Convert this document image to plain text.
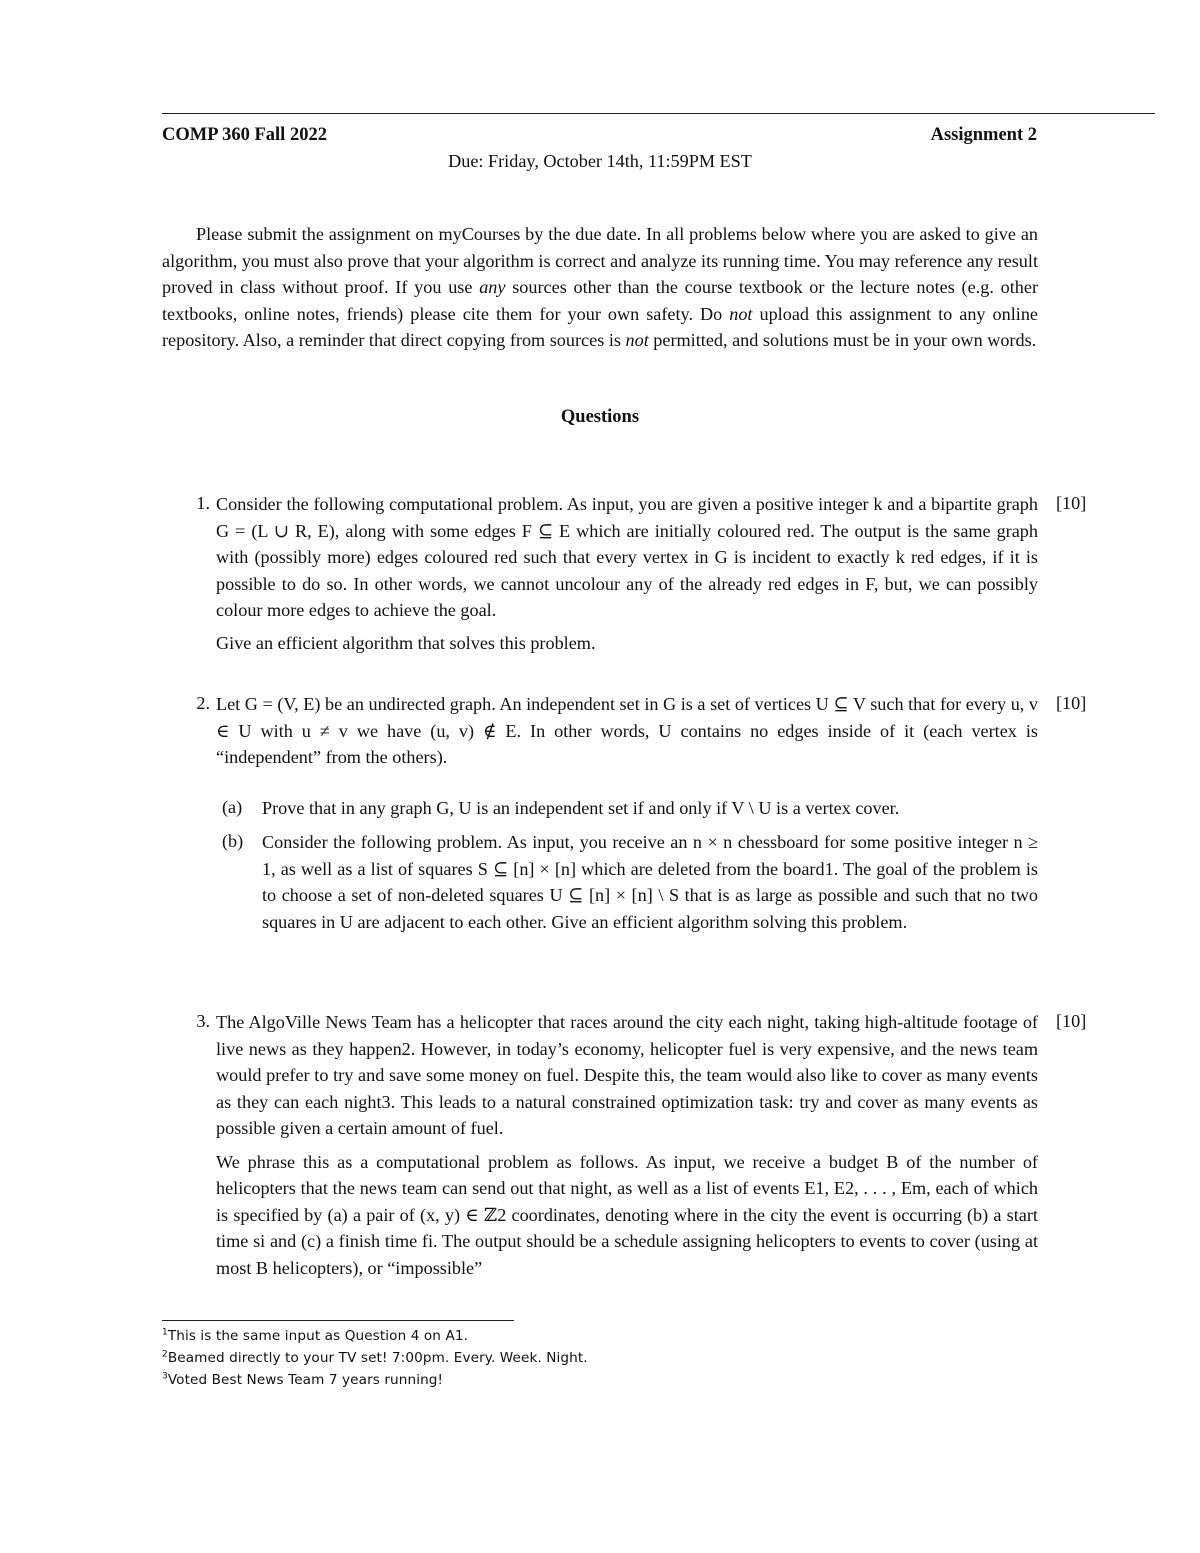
COMP 360 Fall 2022	Assignment 2
Due: Friday, October 14th, 11:59PM EST
Please submit the assignment on myCourses by the due date. In all problems below where you are asked to give an algorithm, you must also prove that your algorithm is correct and analyze its running time. You may reference any result proved in class without proof. If you use any sources other than the course textbook or the lecture notes (e.g. other textbooks, online notes, friends) please cite them for your own safety. Do not upload this assignment to any online repository. Also, a reminder that direct copying from sources is not permitted, and solutions must be in your own words.
Questions
1.	[10]
Consider the following computational problem. As input, you are given a positive integer k and a bipartite graph G = (L ∪ R, E), along with some edges F ⊆ E which are initially coloured red. The output is the same graph with (possibly more) edges coloured red such that every vertex in G is incident to exactly k red edges, if it is possible to do so. In other words, we cannot uncolour any of the already red edges in F, but, we can possibly colour more edges to achieve the goal.
Give an efficient algorithm that solves this problem.
2.	[10]
Let G = (V, E) be an undirected graph. An independent set in G is a set of vertices U ⊆ V such that for every u, v ∈ U with u ≠ v we have (u, v) ∉ E. In other words, U contains no edges inside of it (each vertex is “independent” from the others).
(a)	Prove that in any graph G, U is an independent set if and only if V \ U is a vertex cover.
(b)	Consider the following problem. As input, you receive an n × n chessboard for some positive integer n ≥ 1, as well as a list of squares S ⊆ [n] × [n] which are deleted from the board1. The goal of the problem is to choose a set of non-deleted squares U ⊆ [n] × [n] \ S that is as large as possible and such that no two squares in U are adjacent to each other. Give an efficient algorithm solving this problem.
3.	[10]
The AlgoVille News Team has a helicopter that races around the city each night, taking high-altitude footage of live news as they happen2. However, in today’s economy, helicopter fuel is very expensive, and the news team would prefer to try and save some money on fuel. Despite this, the team would also like to cover as many events as they can each night3. This leads to a natural constrained optimization task: try and cover as many events as possible given a certain amount of fuel.
We phrase this as a computational problem as follows. As input, we receive a budget B of the number of helicopters that the news team can send out that night, as well as a list of events E1, E2, . . . , Em, each of which is specified by (a) a pair of (x, y) ∈ ℤ2 coordinates, denoting where in the city the event is occurring (b) a start time si and (c) a finish time fi. The output should be a schedule assigning helicopters to events to cover (using at most B helicopters), or “impossible”
$^1$This is the same input as Question 4 on A1.
$^2$Beamed directly to your TV set! 7:00pm. Every. Week. Night.
$^3$Voted Best News Team 7 years running!
